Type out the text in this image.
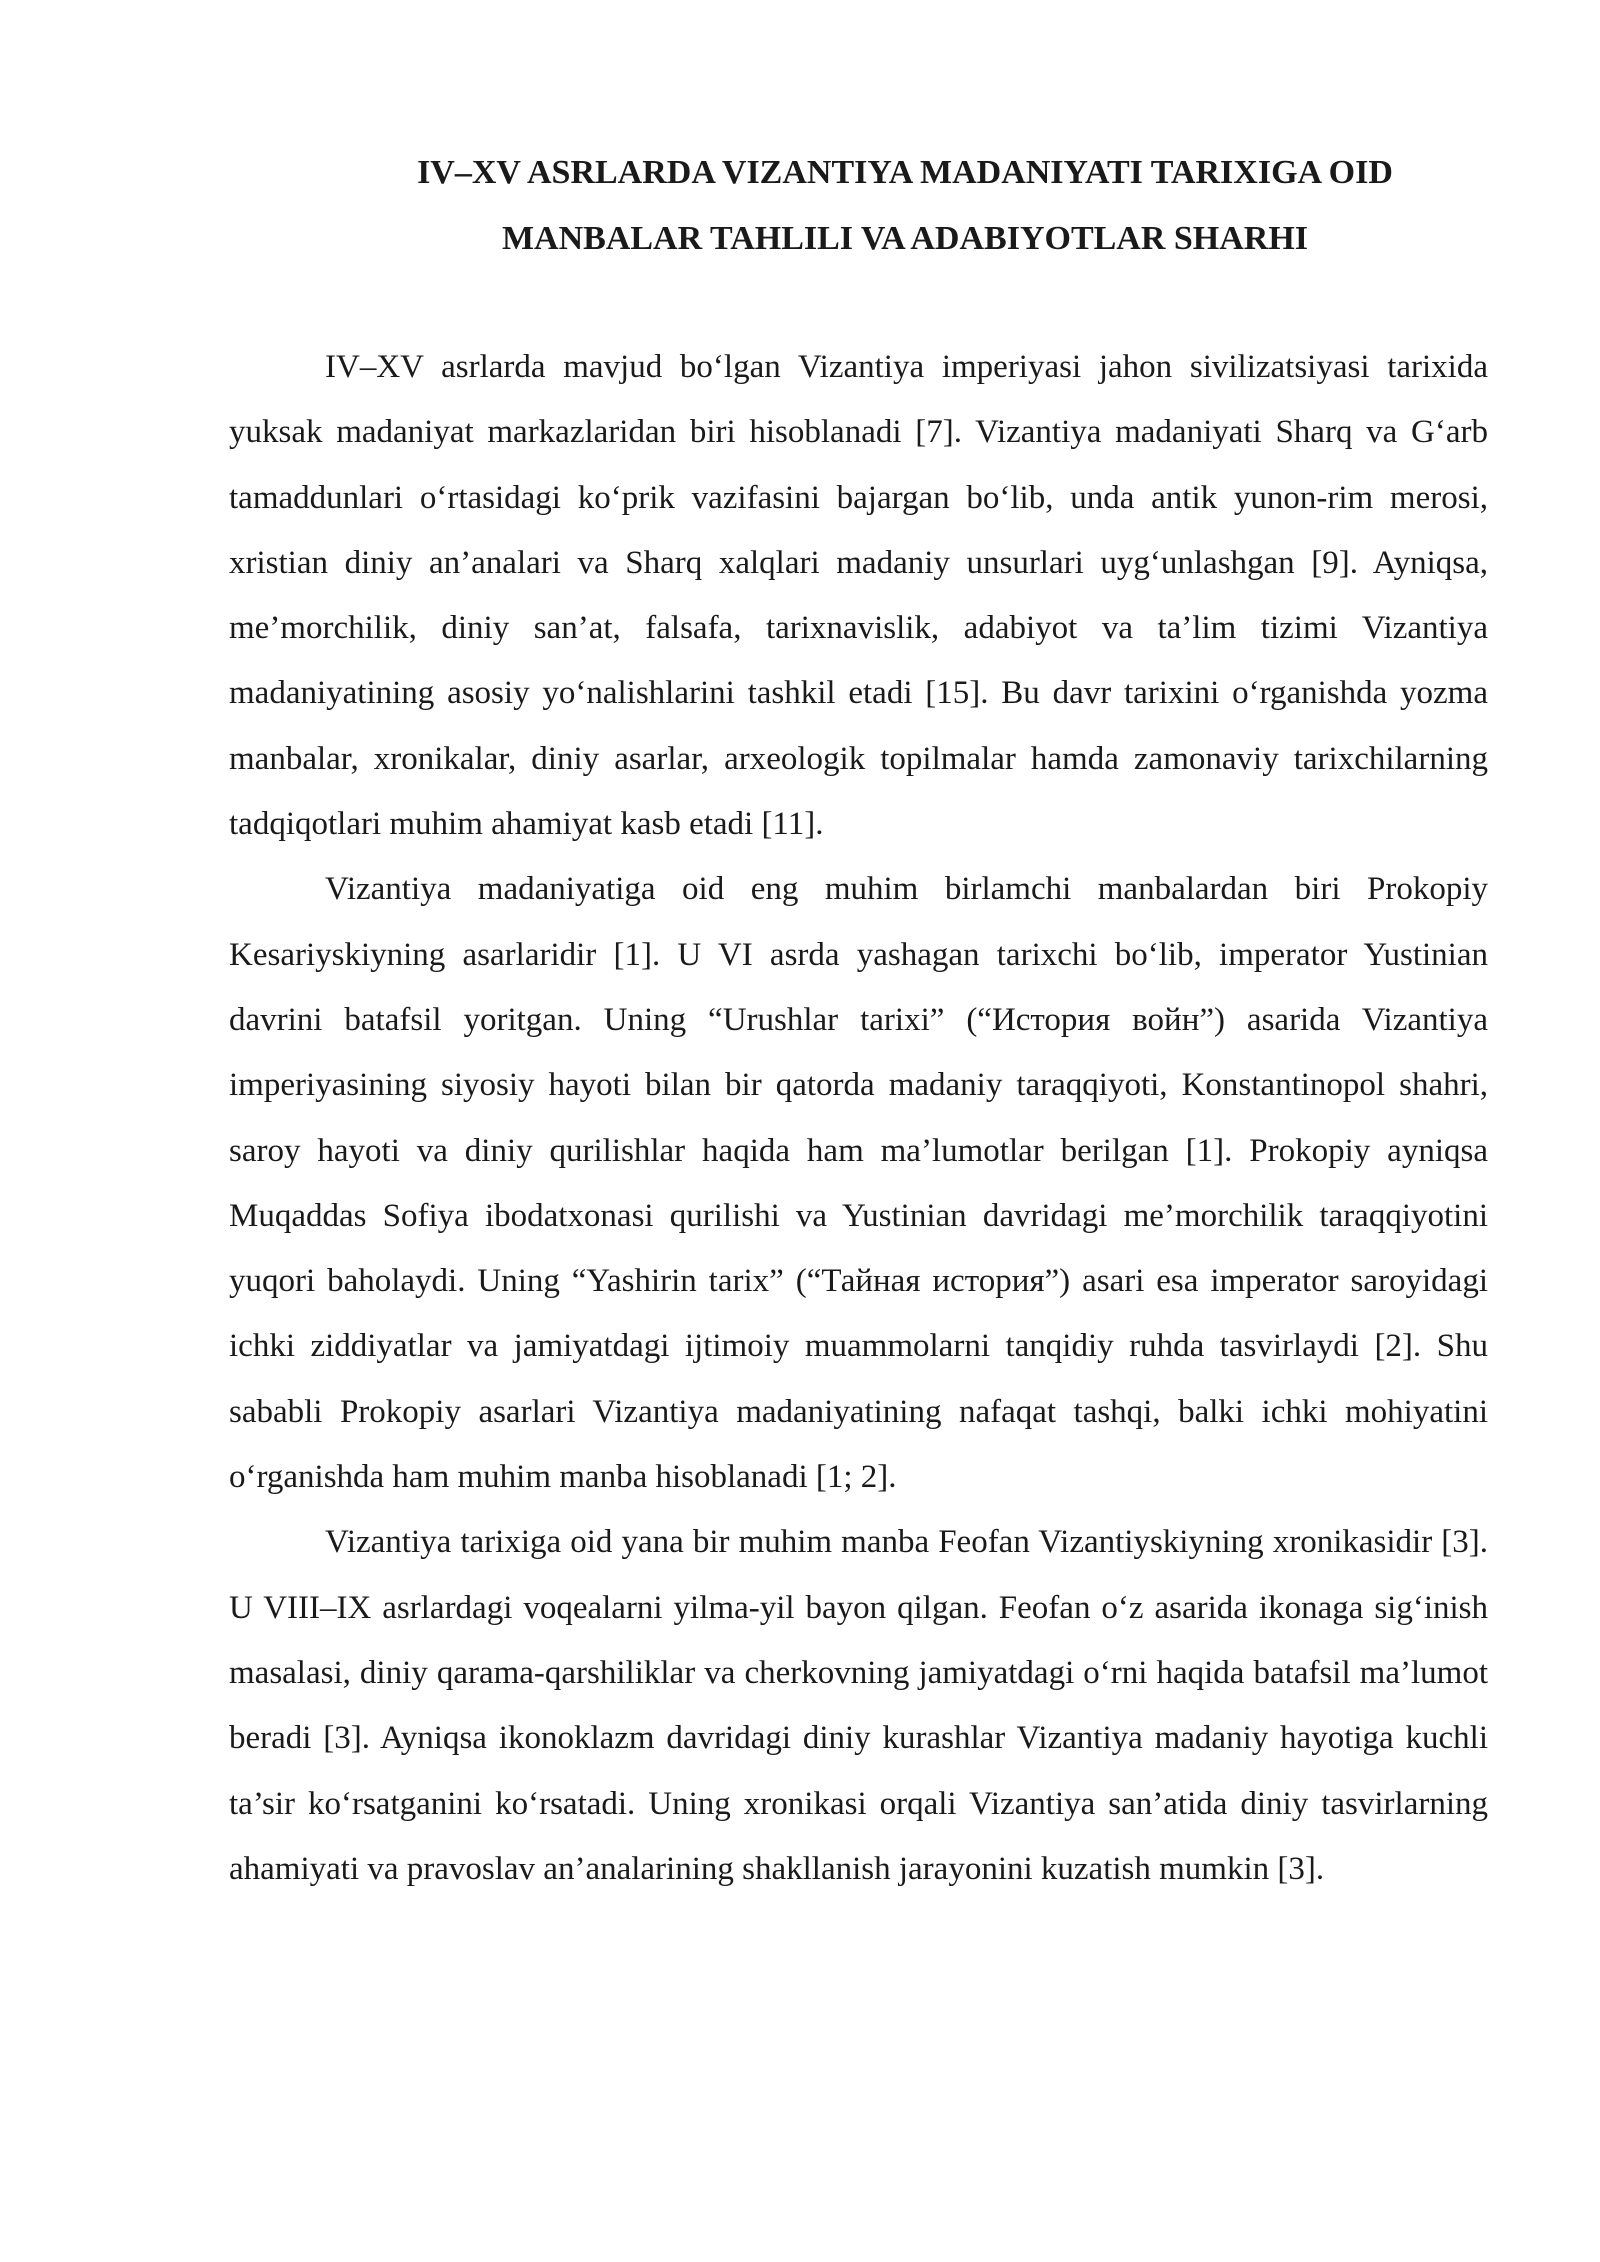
IV–XV ASRLARDA VIZANTIYA MADANIYATI TARIXIGA OID
MANBALAR TAHLILI VA ADABIYOTLAR SHARHI

IV–XV asrlarda mavjud bo‘lgan Vizantiya imperiyasi jahon sivilizatsiyasi tarixida yuksak madaniyat markazlaridan biri hisoblanadi [7]. Vizantiya madaniyati Sharq va G‘arb tamaddunlari o‘rtasidagi ko‘prik vazifasini bajargan bo‘lib, unda antik yunon-rim merosi, xristian diniy an’analari va Sharq xalqlari madaniy unsurlari uyg‘unlashgan [9]. Ayniqsa, me’morchilik, diniy san’at, falsafa, tarixnavislik, adabiyot va ta’lim tizimi Vizantiya madaniyatining asosiy yo‘nalishlarini tashkil etadi [15]. Bu davr tarixini o‘rganishda yozma manbalar, xronikalar, diniy asarlar, arxeologik topilmalar hamda zamonaviy tarixchilarning tadqiqotlari muhim ahamiyat kasb etadi [11].

Vizantiya madaniyatiga oid eng muhim birlamchi manbalardan biri Prokopiy Kesariyskiyning asarlaridir [1]. U VI asrda yashagan tarixchi bo‘lib, imperator Yustinian davrini batafsil yoritgan. Uning “Urushlar tarixi” (“История войн”) asarida Vizantiya imperiyasining siyosiy hayoti bilan bir qatorda madaniy taraqqiyoti, Konstantinopol shahri, saroy hayoti va diniy qurilishlar haqida ham ma’lumotlar berilgan [1]. Prokopiy ayniqsa Muqaddas Sofiya ibodatxonasi qurilishi va Yustinian davridagi me’morchilik taraqqiyotini yuqori baholaydi. Uning “Yashirin tarix” (“Тайная история”) asari esa imperator saroyidagi ichki ziddiyatlar va jamiyatdagi ijtimoiy muammolarni tanqidiy ruhda tasvirlaydi [2]. Shu sababli Prokopiy asarlari Vizantiya madaniyatining nafaqat tashqi, balki ichki mohiyatini o‘rganishda ham muhim manba hisoblanadi [1; 2].

Vizantiya tarixiga oid yana bir muhim manba Feofan Vizantiyskiyning xronikasidir [3]. U VIII–IX asrlardagi voqealarni yilma-yil bayon qilgan. Feofan o‘z asarida ikonaga sig‘inish masalasi, diniy qarama-qarshiliklar va cherkovning jamiyatdagi o‘rni haqida batafsil ma’lumot beradi [3]. Ayniqsa ikonoklazm davridagi diniy kurashlar Vizantiya madaniy hayotiga kuchli ta’sir ko‘rsatganini ko‘rsatadi. Uning xronikasi orqali Vizantiya san’atida diniy tasvirlarning ahamiyati va pravoslav an’analarining shakllanish jarayonini kuzatish mumkin [3].
